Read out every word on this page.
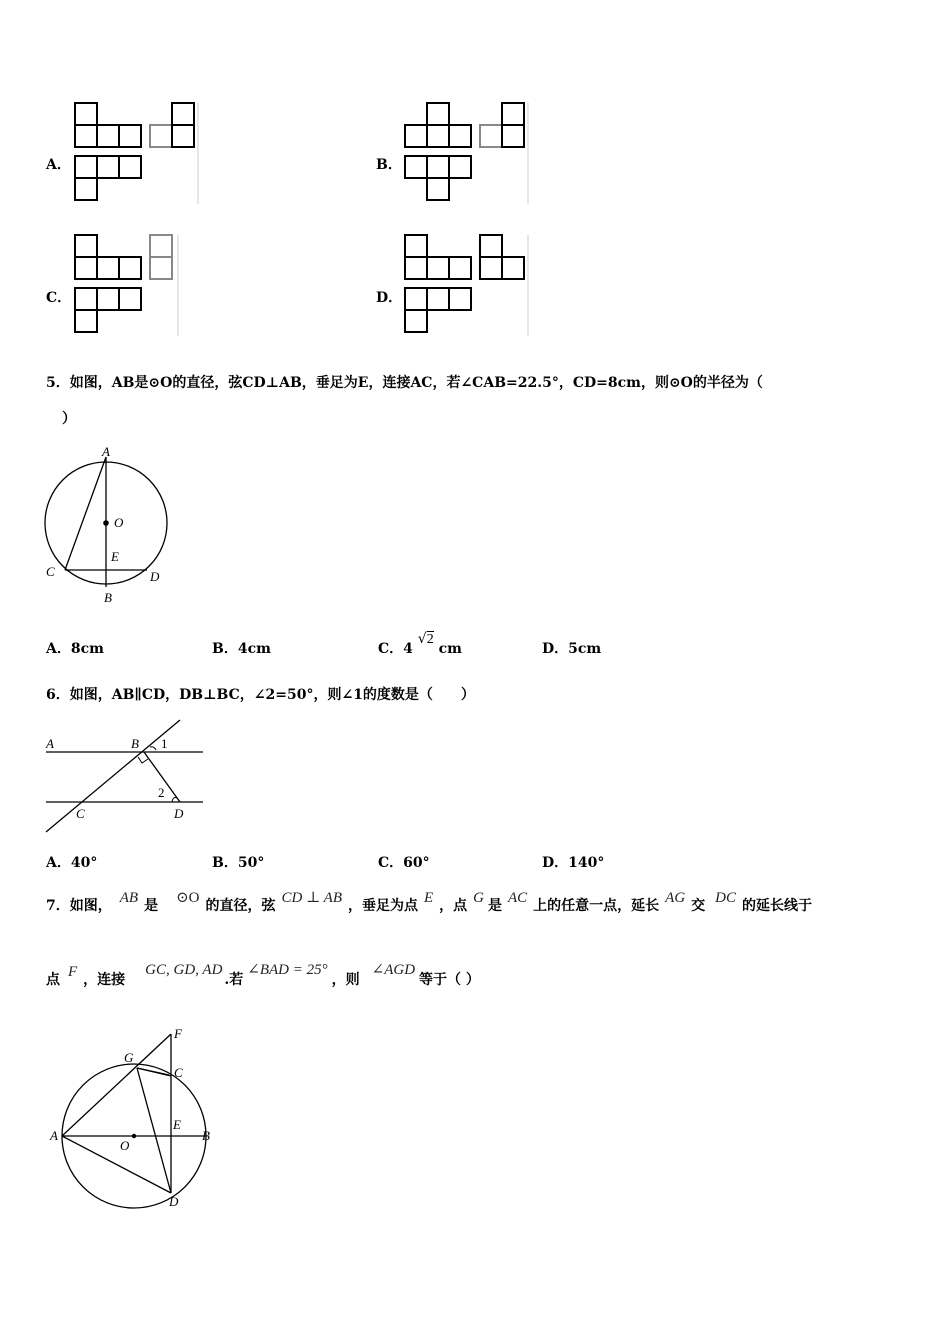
A．	B．
C．	D．
5．如图，AB是⊙O的直径，弦CD⊥AB，垂足为E，连接AC，若∠CAB=22.5°，CD=8cm，则⊙O的半径为（
）
A
O
E
C	D
B
A．8cm	B．4cm	C．4 √2 cm	D．5cm
6．如图，AB∥CD，DB⊥BC，∠2=50°，则∠1的度数是（　　）
A	B 1
2
C	D
A．40°	B．50°	C．60°	D．140°
7．如图， AB 是 ⊙O 的直径，弦 CD ⊥ AB ，垂足为点 E ，点 G 是 AC 上的任意一点，延长 AG 交 DC 的延长线于
点 F ，连接GC, GD, AD.若∠BAD = 25°，则∠AGD等于（ ）
F
G
C
A
O
E
B
D
